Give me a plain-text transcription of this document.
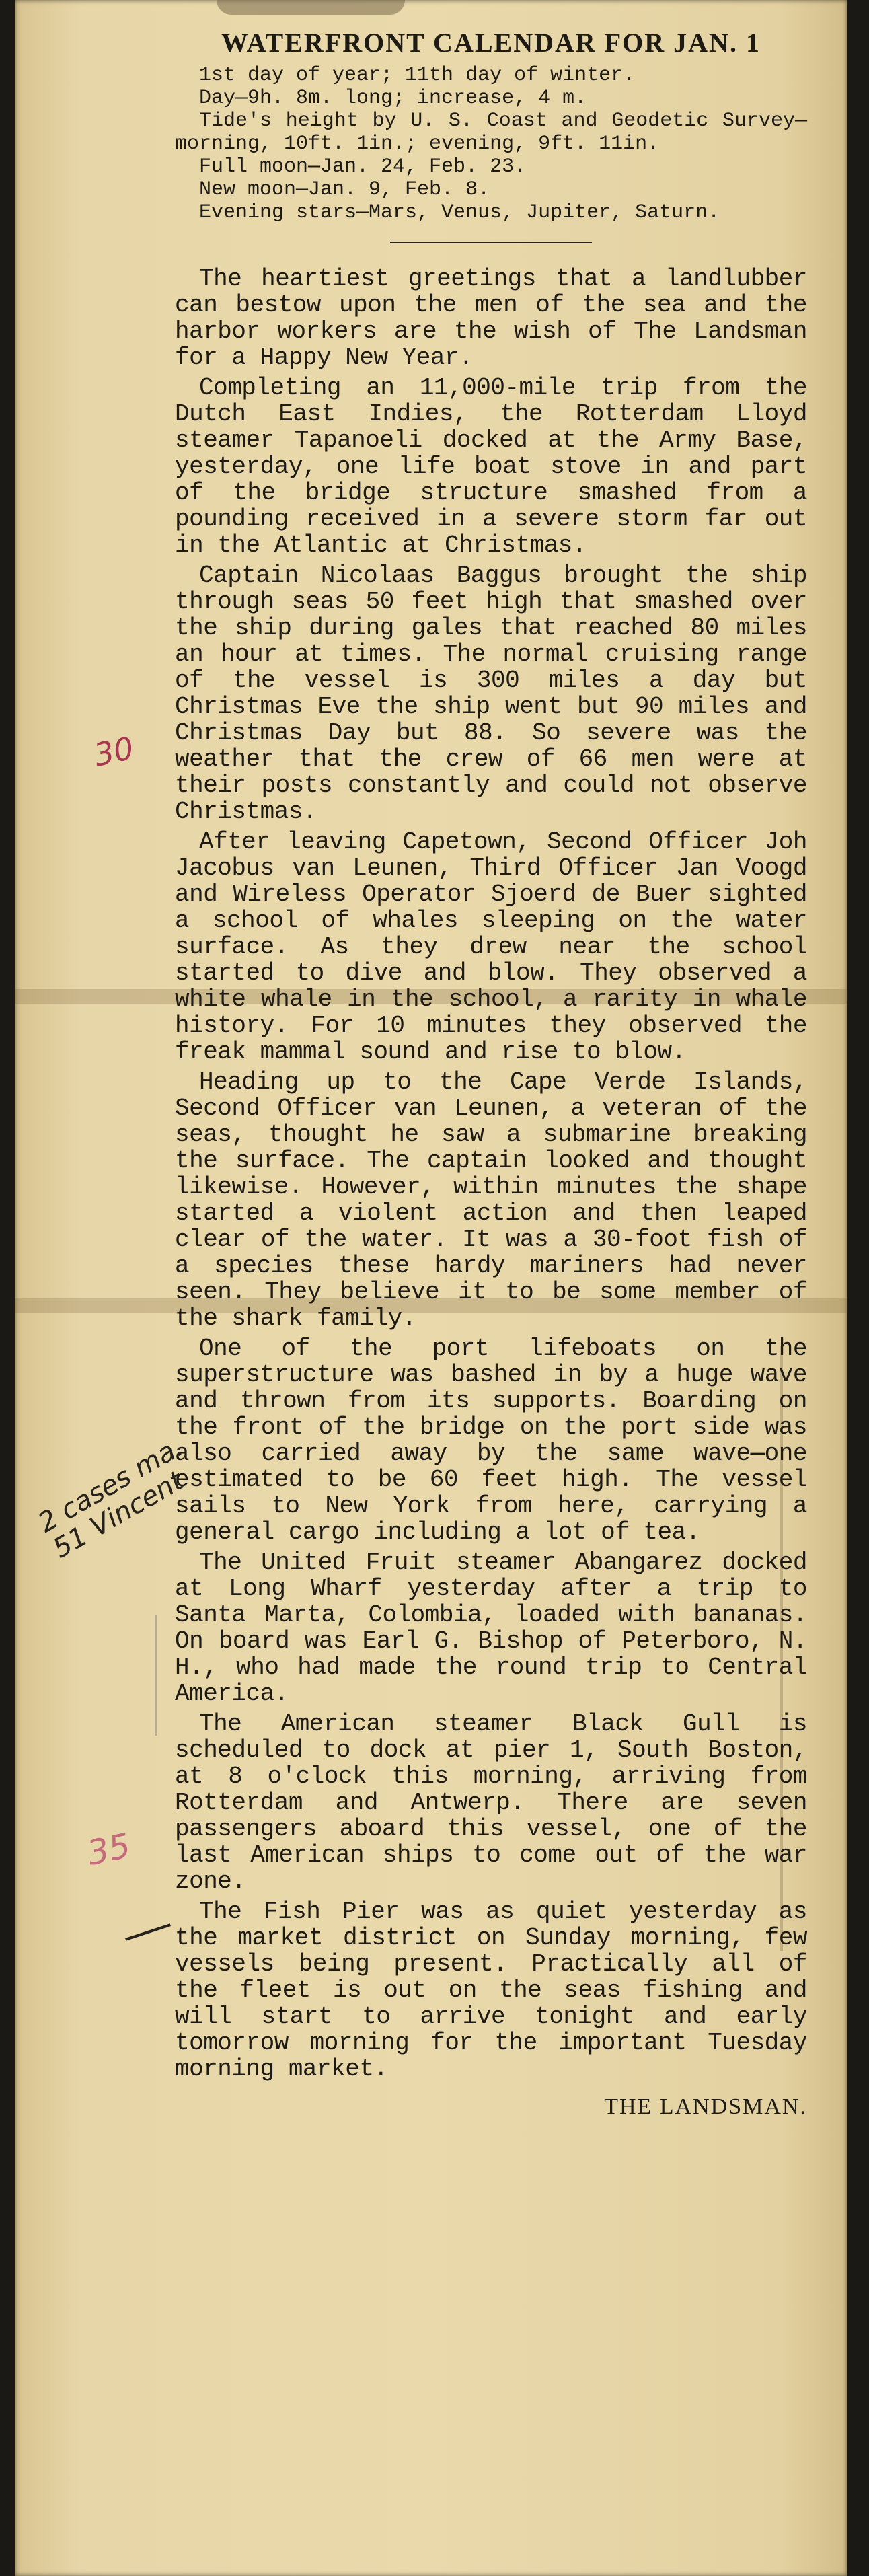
WATERFRONT CALENDAR FOR JAN. 1

1st day of year; 11th day of winter.

Day—9h. 8m. long; increase, 4 m.

Tide's height by U. S. Coast and Geodetic Survey—morning, 10ft. 1in.; evening, 9ft. 11in.

Full moon—Jan. 24, Feb. 23.

New moon—Jan. 9, Feb. 8.

Evening stars—Mars, Venus, Jupiter, Saturn.

The heartiest greetings that a landlubber can bestow upon the men of the sea and the harbor workers are the wish of The Landsman for a Happy New Year.

Completing an 11,000-mile trip from the Dutch East Indies, the Rotterdam Lloyd steamer Tapanoeli docked at the Army Base, yesterday, one life boat stove in and part of the bridge structure smashed from a pounding received in a severe storm far out in the Atlantic at Christmas.

Captain Nicolaas Baggus brought the ship through seas 50 feet high that smashed over the ship during gales that reached 80 miles an hour at times. The normal cruising range of the vessel is 300 miles a day but Christmas Eve the ship went but 90 miles and Christmas Day but 88. So severe was the weather that the crew of 66 men were at their posts constantly and could not observe Christmas.

After leaving Capetown, Second Officer Joh Jacobus van Leunen, Third Officer Jan Voogd and Wireless Operator Sjoerd de Buer sighted a school of whales sleeping on the water surface. As they drew near the school started to dive and blow. They observed a white whale in the school, a rarity in whale history. For 10 minutes they observed the freak mammal sound and rise to blow.

Heading up to the Cape Verde Islands, Second Officer van Leunen, a veteran of the seas, thought he saw a submarine breaking the surface. The captain looked and thought likewise. However, within minutes the shape started a violent action and then leaped clear of the water. It was a 30-foot fish of a species these hardy mariners had never seen. They believe it to be some member of the shark family.

One of the port lifeboats on the superstructure was bashed in by a huge wave and thrown from its supports. Boarding on the front of the bridge on the port side was also carried away by the same wave—one estimated to be 60 feet high. The vessel sails to New York from here, carrying a general cargo including a lot of tea.

The United Fruit steamer Abangarez docked at Long Wharf yesterday after a trip to Santa Marta, Colombia, loaded with bananas. On board was Earl G. Bishop of Peterboro, N. H., who had made the round trip to Central America.

The American steamer Black Gull is scheduled to dock at pier 1, South Boston, at 8 o'clock this morning, arriving from Rotterdam and Antwerp. There are seven passengers aboard this vessel, one of the last American ships to come out of the war zone.

The Fish Pier was as quiet yesterday as the market district on Sunday morning, few vessels being present. Practically all of the fleet is out on the seas fishing and will start to arrive tonight and early tomorrow morning for the important Tuesday morning market.

THE LANDSMAN.
30
35
2 cases ma. 51 Vincent
